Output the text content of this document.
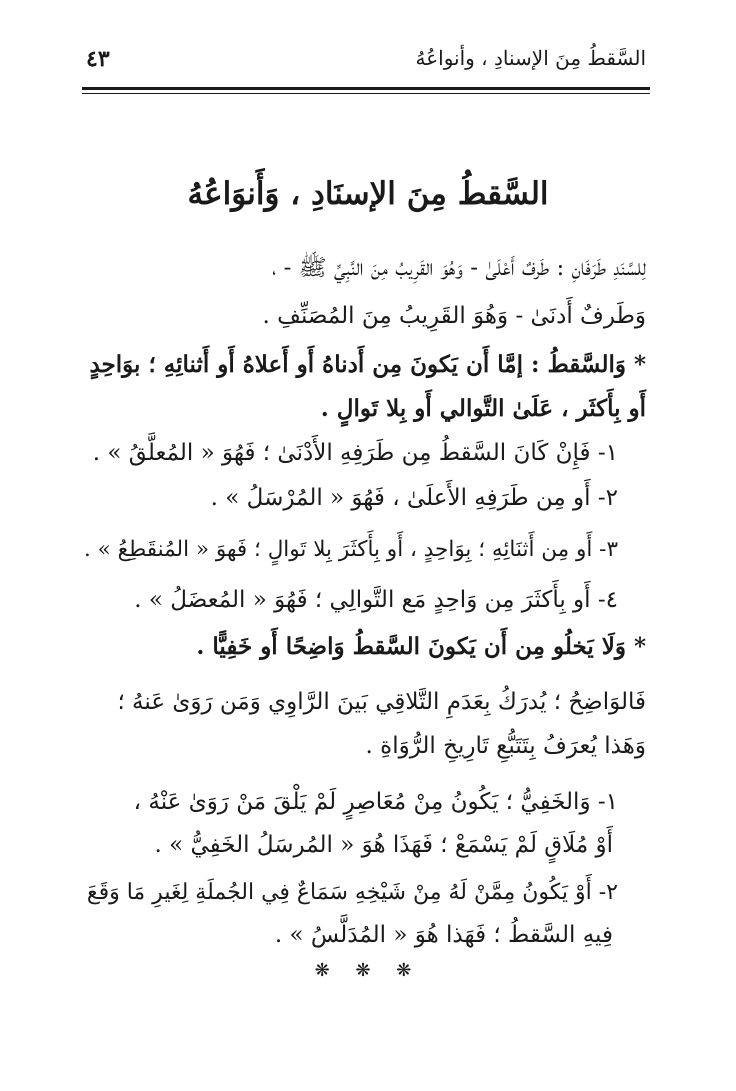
السَّقطُ مِنَ الإسنادِ ، وأنواعُهُ
٤٣
السَّقطُ مِنَ الإسنَادِ ، وَأَنوَاعُهُ
لِلسَّنَدِ طَرَفَانِ : طَرفٌ أَعْلَىٰ - وَهُوَ القَرِيبُ مِنَ النَّبِيِّ ﷺ - ،
وَطَرفٌ أَدنَىٰ - وَهُوَ القَرِيبُ مِنَ المُصَنِّفِ .
* وَالسَّقطُ : إمَّا أَن يَكونَ مِن أَدناهُ أَو أَعلاهُ أَو أَثنائِهِ ؛ بوَاحِدٍ
أَو بِأَكثَر ، عَلَىٰ التَّوالي أَو بِلا تَوالٍ .
١- فَإِنْ كَانَ السَّقطُ مِن طَرَفِهِ الأَدْنَىٰ ؛ فَهُوَ « المُعلَّقُ » .
٢- أَو مِن طَرَفِهِ الأَعلَىٰ ، فَهُوَ « المُرْسَلُ » .
٣- أَو مِن أَثنَائِهِ ؛ بِوَاحِدٍ ، أَو بِأَكثَرَ بِلا تَوالٍ ؛ فَهوَ « المُنقَطِعُ » .
٤- أَو بِأَكثَرَ مِن وَاحِدٍ مَع التَّوالِي ؛ فَهُوَ « المُعضَلُ » .
* وَلَا يَخلُو مِن أَن يَكونَ السَّقطُ وَاضِحًا أَو خَفِيًّا .
فَالوَاضِحُ ؛ يُدرَكُ بِعَدَمِ التَّلاقِي بَينَ الرَّاوِي وَمَن رَوَىٰ عَنهُ ؛
وَهَذا يُعرَفُ بِتَتَبُّعِ تَارِيخِ الرُّوَاةِ .
١- وَالخَفِيُّ ؛ يَكُونُ مِنْ مُعَاصِرٍ لَمْ يَلْقَ مَنْ رَوَىٰ عَنْهُ ،
أَوْ مُلَاقٍ لَمْ يَسْمَعْ ؛ فَهَذَا هُوَ « المُرسَلُ الخَفِيُّ » .
٢- أَوْ يَكُونُ مِمَّنْ لَهُ مِنْ شَيْخِهِ سَمَاعٌ فِي الجُملَةِ لِغَيرِ مَا وَقَعَ
فِيهِ السَّقطُ ؛ فَهَذا هُوَ « المُدَلَّسُ » .
❋ ❋ ❋
